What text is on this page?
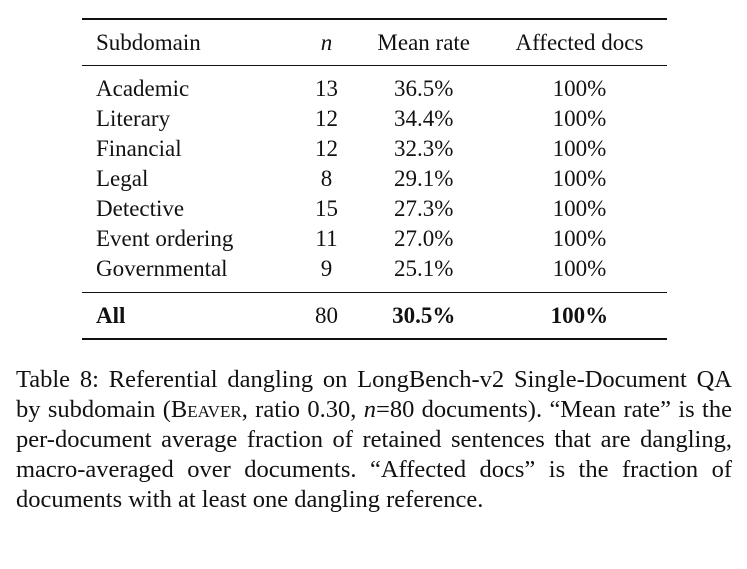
Subdomain	n	Mean rate	Affected docs
Academic	13	36.5%	100%
Literary	12	34.4%	100%
Financial	12	32.3%	100%
Legal	8	29.1%	100%
Detective	15	27.3%	100%
Event ordering	11	27.0%	100%
Governmental	9	25.1%	100%
All	80	30.5%	100%

Table 8: Referential dangling on LongBench-v2 Single-Document QA by subdomain (Beaver, ratio 0.30, n=80 documents). “Mean rate” is the per-document average fraction of retained sentences that are dangling, macro-averaged over documents. “Affected docs” is the fraction of documents with at least one dangling reference.
